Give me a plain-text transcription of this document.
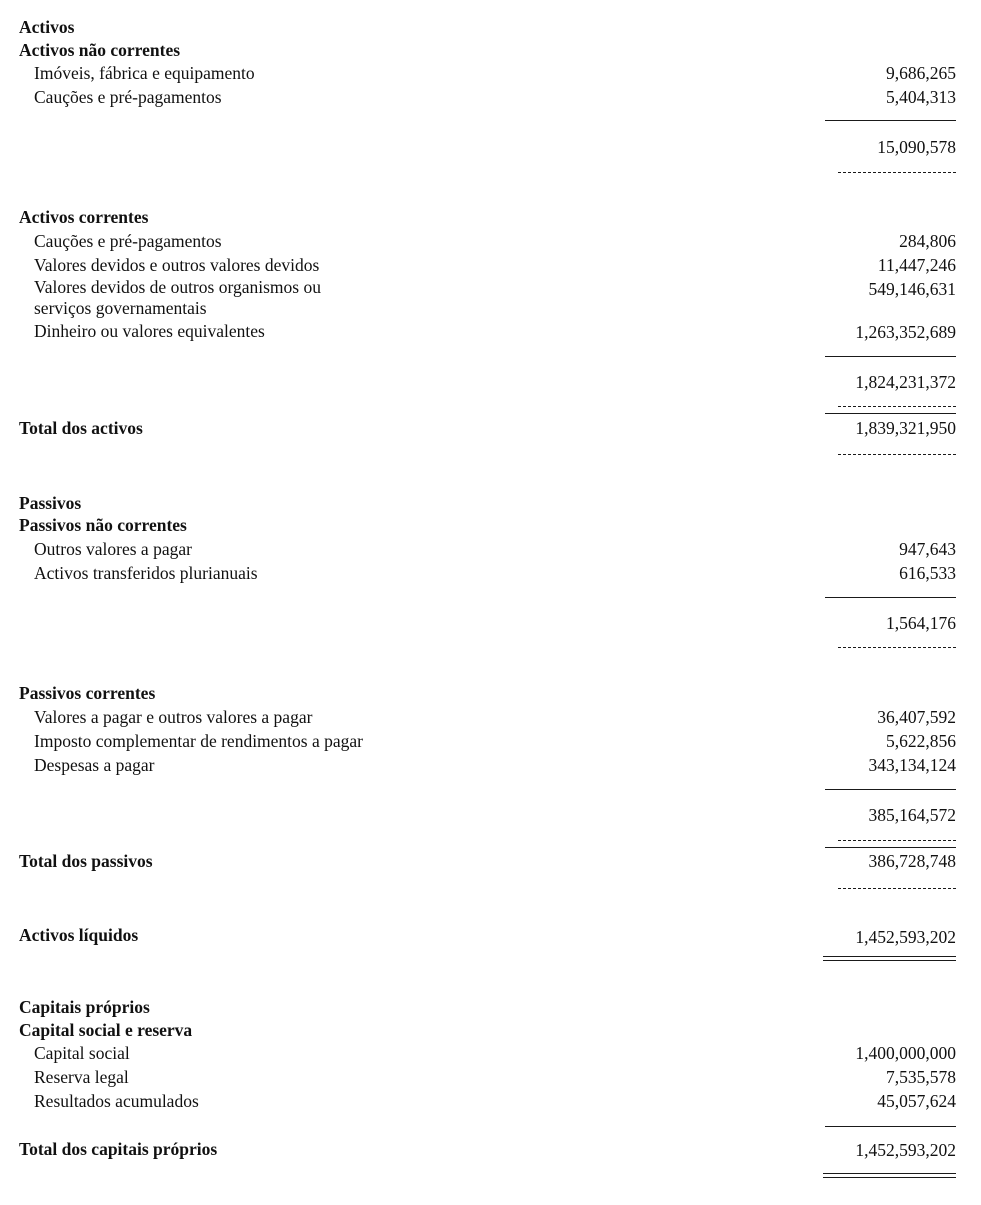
Activos
Activos não correntes
Imóveis, fábrica e equipamento	9,686,265
Cauções e pré-pagamentos	5,404,313
15,090,578
Activos correntes
Cauções e pré-pagamentos	284,806
Valores devidos e outros valores devidos	11,447,246
Valores devidos de outros organismos ou	549,146,631
serviços governamentais
Dinheiro ou valores equivalentes	1,263,352,689
1,824,231,372
Total dos activos	1,839,321,950
Passivos
Passivos não correntes
Outros valores a pagar	947,643
Activos transferidos plurianuais	616,533
1,564,176
Passivos correntes
Valores a pagar e outros valores a pagar	36,407,592
Imposto complementar de rendimentos a pagar	5,622,856
Despesas a pagar	343,134,124
385,164,572
Total dos passivos	386,728,748
Activos líquidos	1,452,593,202
Capitais próprios
Capital social e reserva
Capital social	1,400,000,000
Reserva legal	7,535,578
Resultados acumulados	45,057,624
Total dos capitais próprios	1,452,593,202
